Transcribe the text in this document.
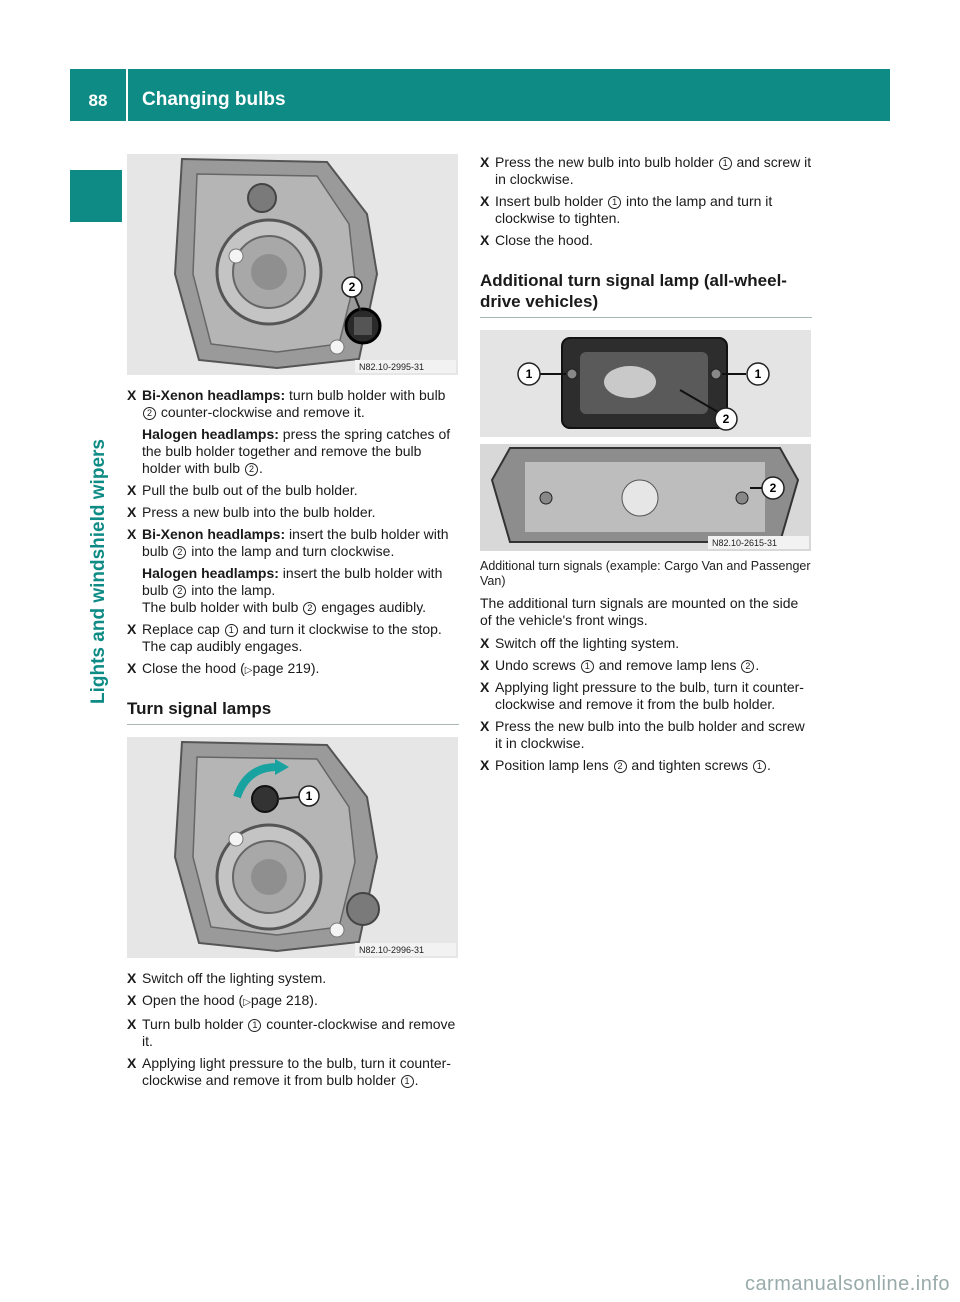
88	Changing bulbs
Lights and windshield wipers
2
N82.10-2995-31
X Bi-Xenon headlamps: turn bulb holder with bulb 2 counter-clockwise and remove it.
Halogen headlamps: press the spring catches of the bulb holder together and remove the bulb holder with bulb 2 .
X Pull the bulb out of the bulb holder.
X Press a new bulb into the bulb holder.
X Bi-Xenon headlamps: insert the bulb holder with bulb 2 into the lamp and turn clockwise.
Halogen headlamps: insert the bulb holder with bulb 2 into the lamp.
The bulb holder with bulb 2 engages audibly.
X Replace cap 1 and turn it clockwise to the stop.
The cap audibly engages.
X Close the hood (▷page 219).
Turn signal lamps
1
N82.10-2996-31
X Switch off the lighting system.
X Open the hood (▷page 218).
X Turn bulb holder 1 counter-clockwise and remove it.
X Applying light pressure to the bulb, turn it counter-clockwise and remove it from bulb holder 1 .
X Press the new bulb into bulb holder 1 and screw it in clockwise.
X Insert bulb holder 1 into the lamp and turn it clockwise to tighten.
X Close the hood.
Additional turn signal lamp (all-wheel-drive vehicles)
1	1
2
2
N82.10-2615-31
Additional turn signals (example: Cargo Van and Passenger Van)
The additional turn signals are mounted on the side of the vehicle's front wings.
X Switch off the lighting system.
X Undo screws 1 and remove lamp lens 2 .
X Applying light pressure to the bulb, turn it counter-clockwise and remove it from the bulb holder.
X Press the new bulb into the bulb holder and screw it in clockwise.
X Position lamp lens 2 and tighten screws 1 .
carmanualsonline.info
